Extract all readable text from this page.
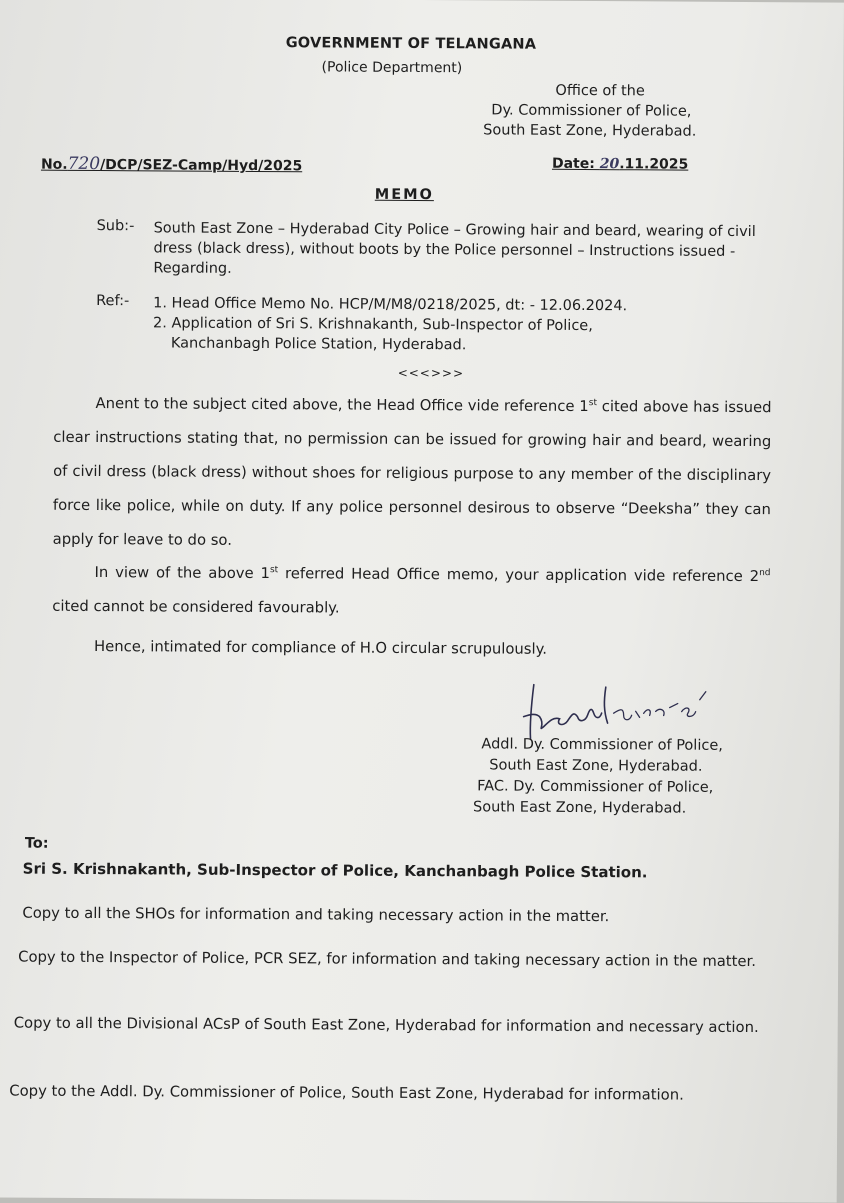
GOVERNMENT OF TELANGANA
(Police Department)
Office of the
Dy. Commissioner of Police,
South East Zone, Hyderabad.
No.720/DCP/SEZ-Camp/Hyd/2025	Date: 20.11.2025
MEMO
Sub:- South East Zone – Hyderabad City Police – Growing hair and beard, wearing of civil dress (black dress), without boots by the Police personnel – Instructions issued - Regarding.
Ref:- 1. Head Office Memo No. HCP/M/M8/0218/2025, dt: - 12.06.2024.
2. Application of Sri S. Krishnakanth, Sub-Inspector of Police,
Kanchanbagh Police Station, Hyderabad.
<<<>>>
Anent to the subject cited above, the Head Office vide reference 1st cited above has issued clear instructions stating that, no permission can be issued for growing hair and beard, wearing of civil dress (black dress) without shoes for religious purpose to any member of the disciplinary force like police, while on duty. If any police personnel desirous to observe “Deeksha” they can apply for leave to do so.
In view of the above 1st referred Head Office memo, your application vide reference 2nd cited cannot be considered favourably.
Hence, intimated for compliance of H.O circular scrupulously.
Addl. Dy. Commissioner of Police,
South East Zone, Hyderabad.
FAC. Dy. Commissioner of Police,
South East Zone, Hyderabad.
To:
Sri S. Krishnakanth, Sub-Inspector of Police, Kanchanbagh Police Station.
Copy to all the SHOs for information and taking necessary action in the matter.
Copy to the Inspector of Police, PCR SEZ, for information and taking necessary action in the matter.
Copy to all the Divisional ACsP of South East Zone, Hyderabad for information and necessary action.
Copy to the Addl. Dy. Commissioner of Police, South East Zone, Hyderabad for information.
